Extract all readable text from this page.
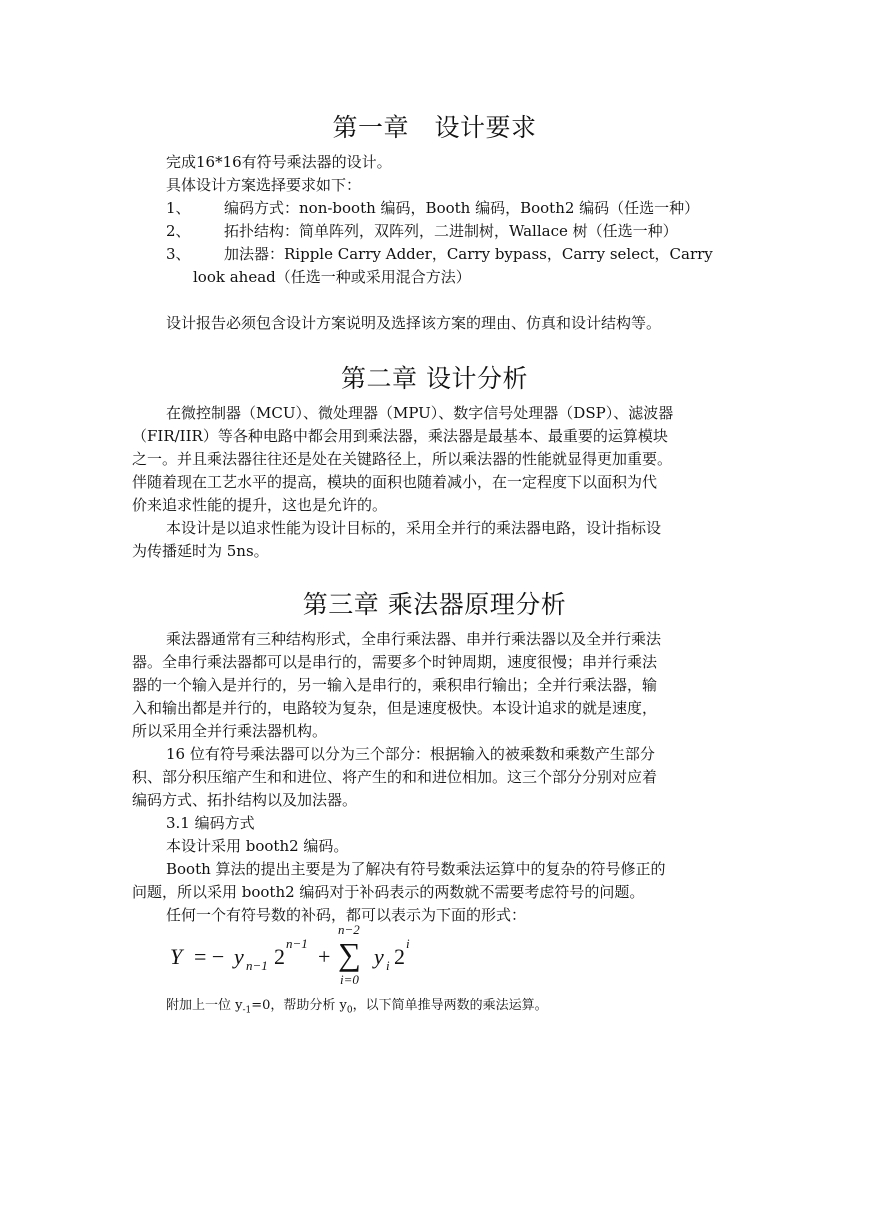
第一章　设计要求

完成16*16有符号乘法器的设计。

具体设计方案选择要求如下：

1、 编码方式：non-booth 编码，Booth 编码，Booth2 编码（任选一种）
2、 拓扑结构：简单阵列，双阵列，二进制树，Wallace 树（任选一种）
3、 加法器：Ripple Carry Adder，Carry bypass，Carry select，Carry
look ahead（任选一种或采用混合方法）

设计报告必须包含设计方案说明及选择该方案的理由、仿真和设计结构等。

第二章 设计分析
在微控制器（MCU）、微处理器（MPU）、数字信号处理器（DSP）、滤波器
（FIR/IIR）等各种电路中都会用到乘法器，乘法器是最基本、最重要的运算模块
之一。并且乘法器往往还是处在关键路径上，所以乘法器的性能就显得更加重要。
伴随着现在工艺水平的提高，模块的面积也随着减小，在一定程度下以面积为代
价来追求性能的提升，这也是允许的。
本设计是以追求性能为设计目标的，采用全并行的乘法器电路，设计指标设
为传播延时为 5ns。
第三章 乘法器原理分析
乘法器通常有三种结构形式，全串行乘法器、串并行乘法器以及全并行乘法
器。全串行乘法器都可以是串行的，需要多个时钟周期，速度很慢；串并行乘法
器的一个输入是并行的，另一输入是串行的，乘积串行输出；全并行乘法器，输
入和输出都是并行的，电路较为复杂，但是速度极快。本设计追求的就是速度，
所以采用全并行乘法器机构。
16 位有符号乘法器可以分为三个部分：根据输入的被乘数和乘数产生部分
积、部分积压缩产生和和进位、将产生的和和进位相加。这三个部分分别对应着
编码方式、拓扑结构以及加法器。

3.1 编码方式

本设计采用 booth2 编码。

Booth 算法的提出主要是为了解决有符号数乘法运算中的复杂的符号修正的
问题，所以采用 booth2 编码对于补码表示的两数就不需要考虑符号的问题。

任何一个有符号数的补码，都可以表示为下面的形式：

Y = − y n−1 2
n−1
+
n−2
∑
i=0
y i 2
i

附加上一位 $y_{-1}=0$，帮助分析 $y_0$，以下简单推导两数的乘法运算。
